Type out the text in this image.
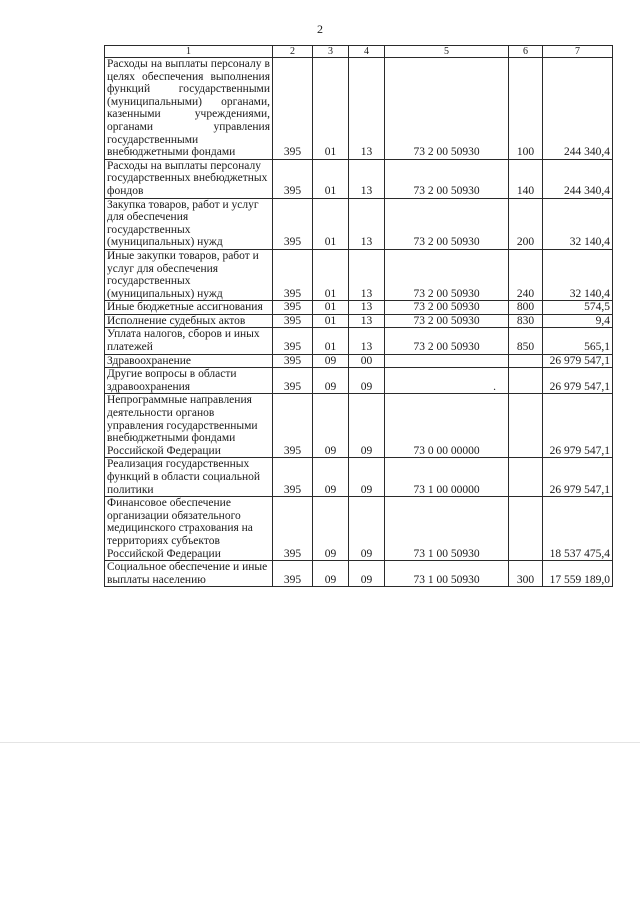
2
1	2	3	4	5	6	7
Расходы на выплаты персоналу в целях обеспечения выполнения функций государственными (муниципальными) органами, казенными учреждениями, органами управления государственными внебюджетными фондами	395	01	13	73 2 00 50930	100	244 340,4
Расходы на выплаты персоналу государственных внебюджетных фондов	395	01	13	73 2 00 50930	140	244 340,4
Закупка товаров, работ и услуг для обеспечения государственных (муниципальных) нужд	395	01	13	73 2 00 50930	200	32 140,4
Иные закупки товаров, работ и услуг для обеспечения государственных (муниципальных) нужд	395	01	13	73 2 00 50930	240	32 140,4
Иные бюджетные ассигнования	395	01	13	73 2 00 50930	800	574,5
Исполнение судебных актов	395	01	13	73 2 00 50930	830	9,4
Уплата налогов, сборов и иных платежей	395	01	13	73 2 00 50930	850	565,1
Здравоохранение	395	09	00			26 979 547,1
Другие вопросы в области здравоохранения	395	09	09	.		26 979 547,1
Непрограммные направления деятельности органов управления государственными внебюджетными фондами Российской Федерации	395	09	09	73 0 00 00000		26 979 547,1
Реализация государственных функций в области социальной политики	395	09	09	73 1 00 00000		26 979 547,1
Финансовое обеспечение организации обязательного медицинского страхования на территориях субъектов Российской Федерации	395	09	09	73 1 00 50930		18 537 475,4
Социальное обеспечение и иные выплаты населению	395	09	09	73 1 00 50930	300	17 559 189,0
